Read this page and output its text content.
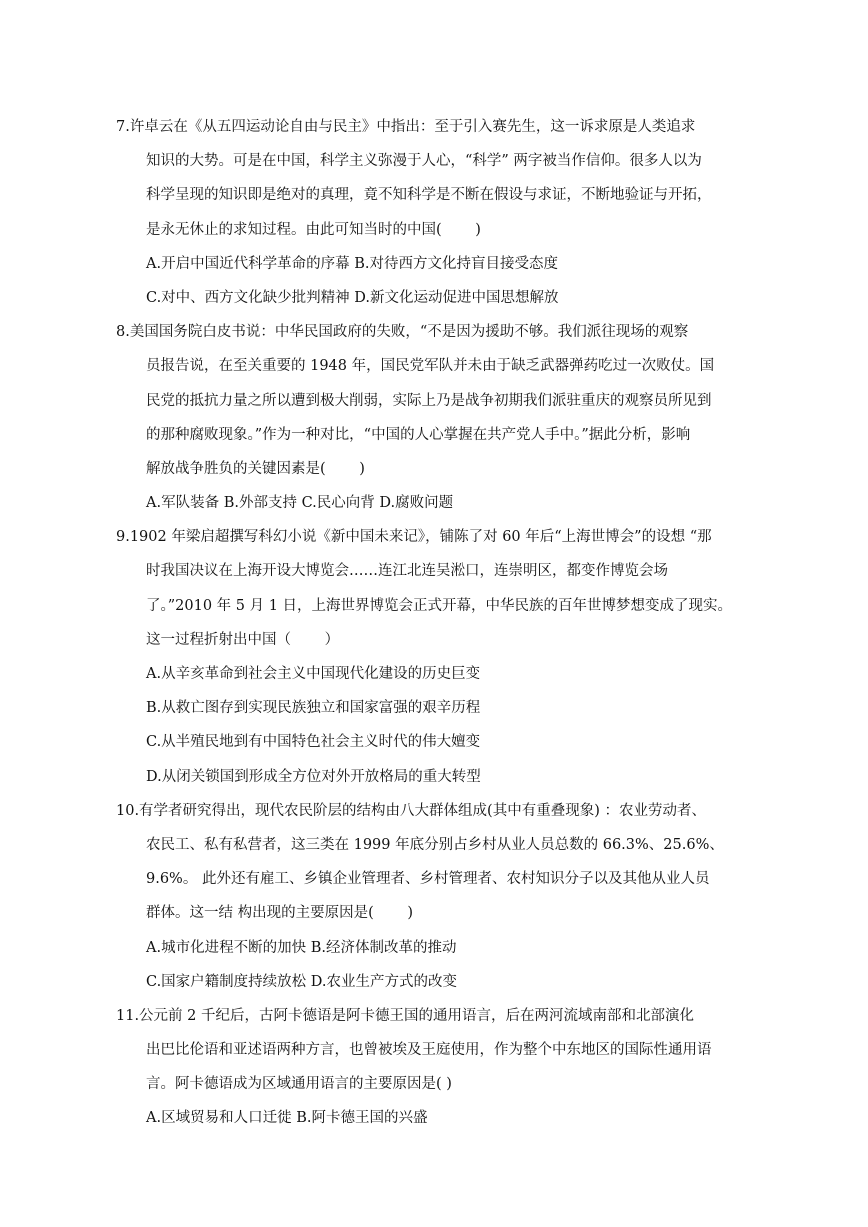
7.许卓云在《从五四运动论自由与民主》中指出：至于引入赛先生，这一诉求原是人类追求
知识的大势。可是在中国，科学主义弥漫于人心，“科学” 两字被当作信仰。很多人以为
科学呈现的知识即是绝对的真理，竟不知科学是不断在假设与求证，不断地验证与开拓，
是永无休止的求知过程。由此可知当时的中国(　　 )
A.开启中国近代科学革命的序幕 B.对待西方文化持盲目接受态度
C.对中、西方文化缺少批判精神 D.新文化运动促进中国思想解放
8.美国国务院白皮书说：中华民国政府的失败，“不是因为援助不够。我们派往现场的观察
员报告说，在至关重要的 1948 年，国民党军队并未由于缺乏武器弹药吃过一次败仗。国
民党的抵抗力量之所以遭到极大削弱，实际上乃是战争初期我们派驻重庆的观察员所见到
的那种腐败现象。”作为一种对比，“中国的人心掌握在共产党人手中。”据此分析，影响
解放战争胜负的关键因素是(　　 )
A.军队装备 B.外部支持 C.民心向背 D.腐败问题
9.1902 年梁启超撰写科幻小说《新中国未来记》，铺陈了对 60 年后“上海世博会”的设想 “那
时我国决议在上海开设大博览会……连江北连吴淞口，连崇明区，都变作博览会场
了。”2010 年 5 月 1 日，上海世界博览会正式开幕，中华民族的百年世博梦想变成了现实。
这一过程折射出中国（　　 ）
A.从辛亥革命到社会主义中国现代化建设的历史巨变
B.从救亡图存到实现民族独立和国家富强的艰辛历程
C.从半殖民地到有中国特色社会主义时代的伟大嬗变
D.从闭关锁国到形成全方位对外开放格局的重大转型
10.有学者研究得出，现代农民阶层的结构由八大群体组成(其中有重叠现象) ：农业劳动者、
农民工、私有私营者，这三类在 1999 年底分别占乡村从业人员总数的 66.3%、25.6%、
9.6%。 此外还有雇工、乡镇企业管理者、乡村管理者、农村知识分子以及其他从业人员
群体。这一结 构出现的主要原因是(　　 )
A.城市化进程不断的加快 B.经济体制改革的推动
C.国家户籍制度持续放松 D.农业生产方式的改变
11.公元前 2 千纪后，古阿卡德语是阿卡德王国的通用语言，后在两河流域南部和北部演化
出巴比伦语和亚述语两种方言，也曾被埃及王庭使用，作为整个中东地区的国际性通用语
言。阿卡德语成为区域通用语言的主要原因是( )
A.区域贸易和人口迁徙 B.阿卡德王国的兴盛
